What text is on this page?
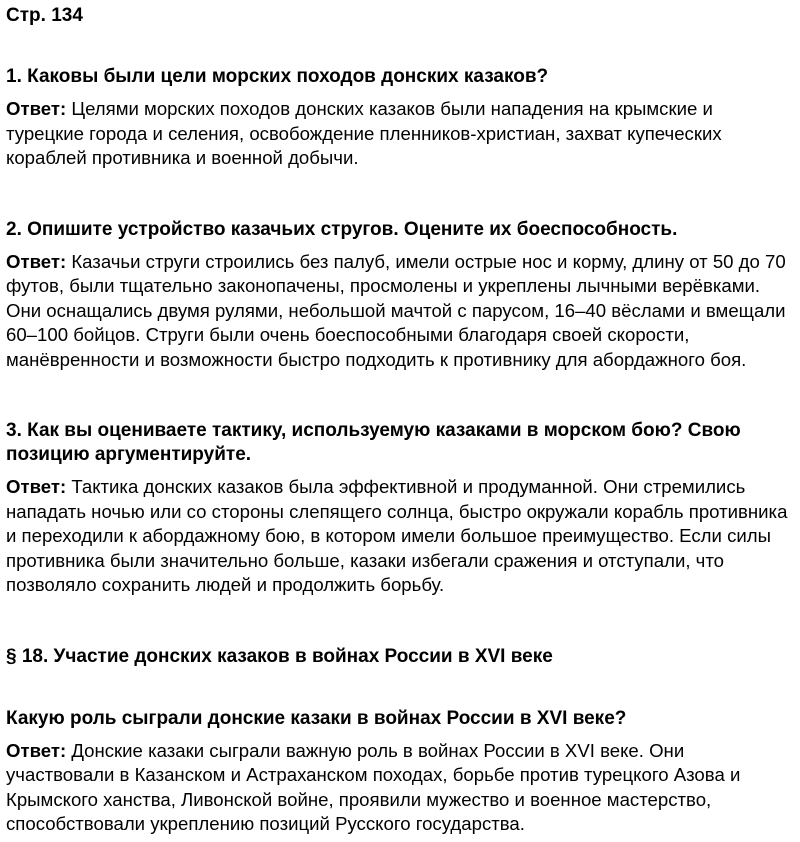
Стр. 134
1. Каковы были цели морских походов донских казаков?

Ответ: Целями морских походов донских казаков были нападения на крымские и турецкие города и селения, освобождение пленников-христиан, захват купеческих кораблей противника и военной добычи.

2. Опишите устройство казачьих стругов. Оцените их боеспособность.

Ответ: Казачьи струги строились без палуб, имели острые нос и корму, длину от 50 до 70 футов, были тщательно законопачены, просмолены и укреплены лычными верёвками. Они оснащались двумя рулями, небольшой мачтой с парусом, 16–40 вёслами и вмещали 60–100 бойцов. Струги были очень боеспособными благодаря своей скорости, манёвренности и возможности быстро подходить к противнику для абордажного боя.

3. Как вы оцениваете тактику, используемую казаками в морском бою? Свою позицию аргументируйте.

Ответ: Тактика донских казаков была эффективной и продуманной. Они стремились нападать ночью или со стороны слепящего солнца, быстро окружали корабль противника и переходили к абордажному бою, в котором имели большое преимущество. Если силы противника были значительно больше, казаки избегали сражения и отступали, что позволяло сохранить людей и продолжить борьбу.

§ 18. Участие донских казаков в войнах России в XVI веке
Какую роль сыграли донские казаки в войнах России в XVI веке?

Ответ: Донские казаки сыграли важную роль в войнах России в XVI веке. Они участвовали в Казанском и Астраханском походах, борьбе против турецкого Азова и Крымского ханства, Ливонской войне, проявили мужество и военное мастерство, способствовали укреплению позиций Русского государства.
